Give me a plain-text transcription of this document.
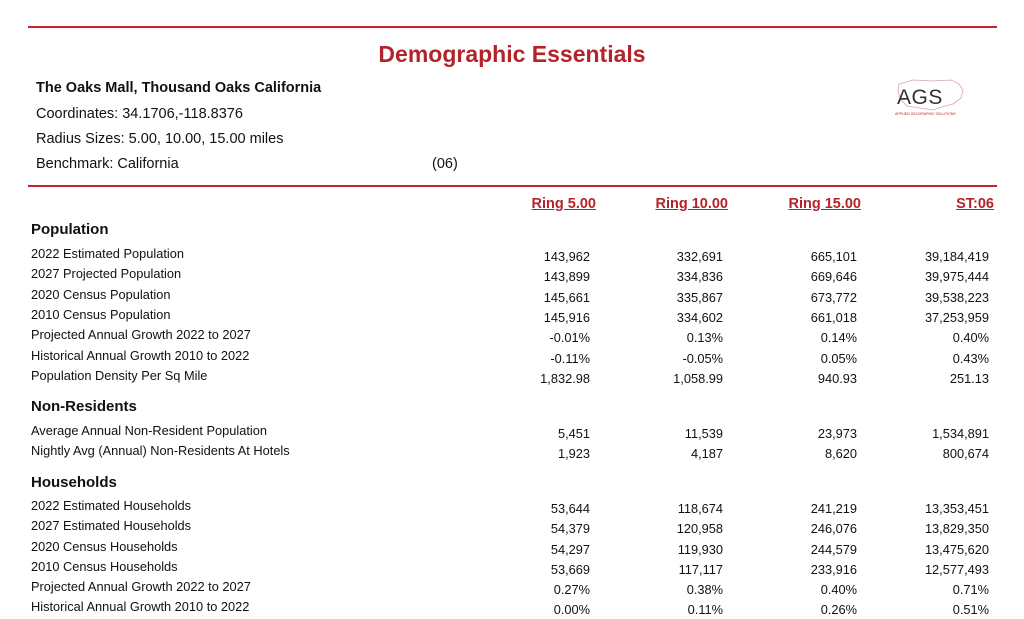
Demographic Essentials
The Oaks Mall, Thousand Oaks California
Coordinates: 34.1706,-118.8376
Radius Sizes: 5.00, 10.00, 15.00 miles
Benchmark: California	(06)
AGS
APPLIED GEOGRAPHIC SOLUTIONS
Ring 5.00	Ring 10.00	Ring 15.00	ST:06
Population
2022 Estimated Population	143,962	332,691	665,101	39,184,419
2027 Projected Population	143,899	334,836	669,646	39,975,444
2020 Census Population	145,661	335,867	673,772	39,538,223
2010 Census Population	145,916	334,602	661,018	37,253,959
Projected Annual Growth 2022 to 2027	-0.01%	0.13%	0.14%	0.40%
Historical Annual Growth 2010 to 2022	-0.11%	-0.05%	0.05%	0.43%
Population Density Per Sq Mile	1,832.98	1,058.99	940.93	251.13
Non-Residents
Average Annual Non-Resident Population	5,451	11,539	23,973	1,534,891
Nightly Avg (Annual) Non-Residents At Hotels	1,923	4,187	8,620	800,674
Households
2022 Estimated Households	53,644	118,674	241,219	13,353,451
2027 Estimated Households	54,379	120,958	246,076	13,829,350
2020 Census Households	54,297	119,930	244,579	13,475,620
2010 Census Households	53,669	117,117	233,916	12,577,493
Projected Annual Growth 2022 to 2027	0.27%	0.38%	0.40%	0.71%
Historical Annual Growth 2010 to 2022	0.00%	0.11%	0.26%	0.51%
